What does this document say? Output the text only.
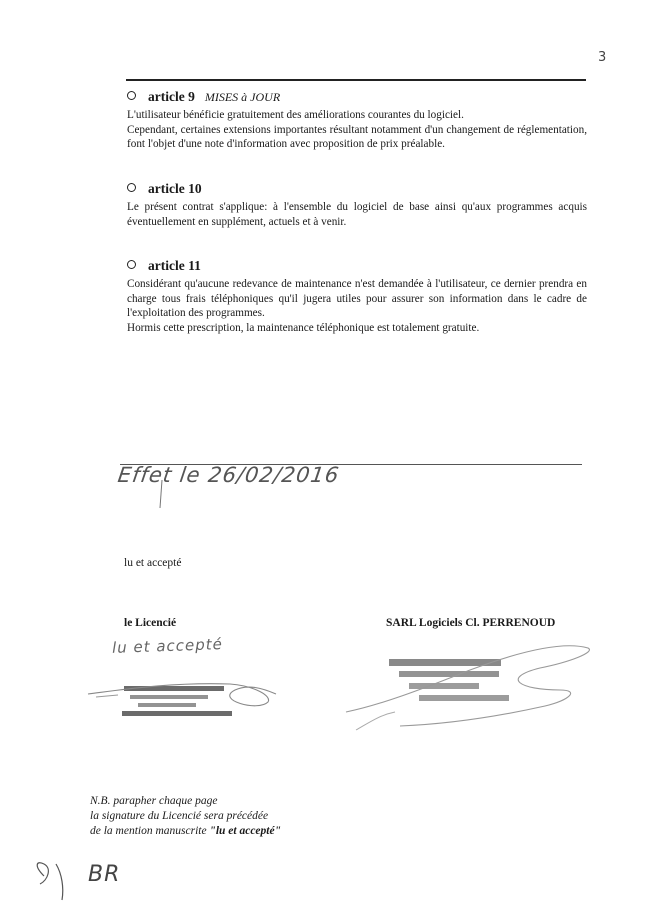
3
article 9 MISES à JOUR

L'utilisateur bénéficie gratuitement des améliorations courantes du logiciel.

Cependant, certaines extensions importantes résultant notamment d'un changement de réglementation, font l'objet d'une note d'information avec proposition de prix préalable.

article 10

Le présent contrat s'applique: à l'ensemble du logiciel de base ainsi qu'aux programmes acquis éventuellement en supplément, actuels et à venir.

article 11

Considérant qu'aucune redevance de maintenance n'est demandée à l'utilisateur, ce dernier prendra en charge tous frais téléphoniques qu'il jugera utiles pour assurer son information dans le cadre de l'exploitation des programmes.

Hormis cette prescription, la maintenance téléphonique est totalement gratuite.

Effet le 26/02/2016
lu et accepté
le Licencié	SARL Logiciels Cl. PERRENOUD
lu et accepté
N.B. parapher chaque page
la signature du Licencié sera précédée
de la mention manuscrite "lu et accepté"
BR
